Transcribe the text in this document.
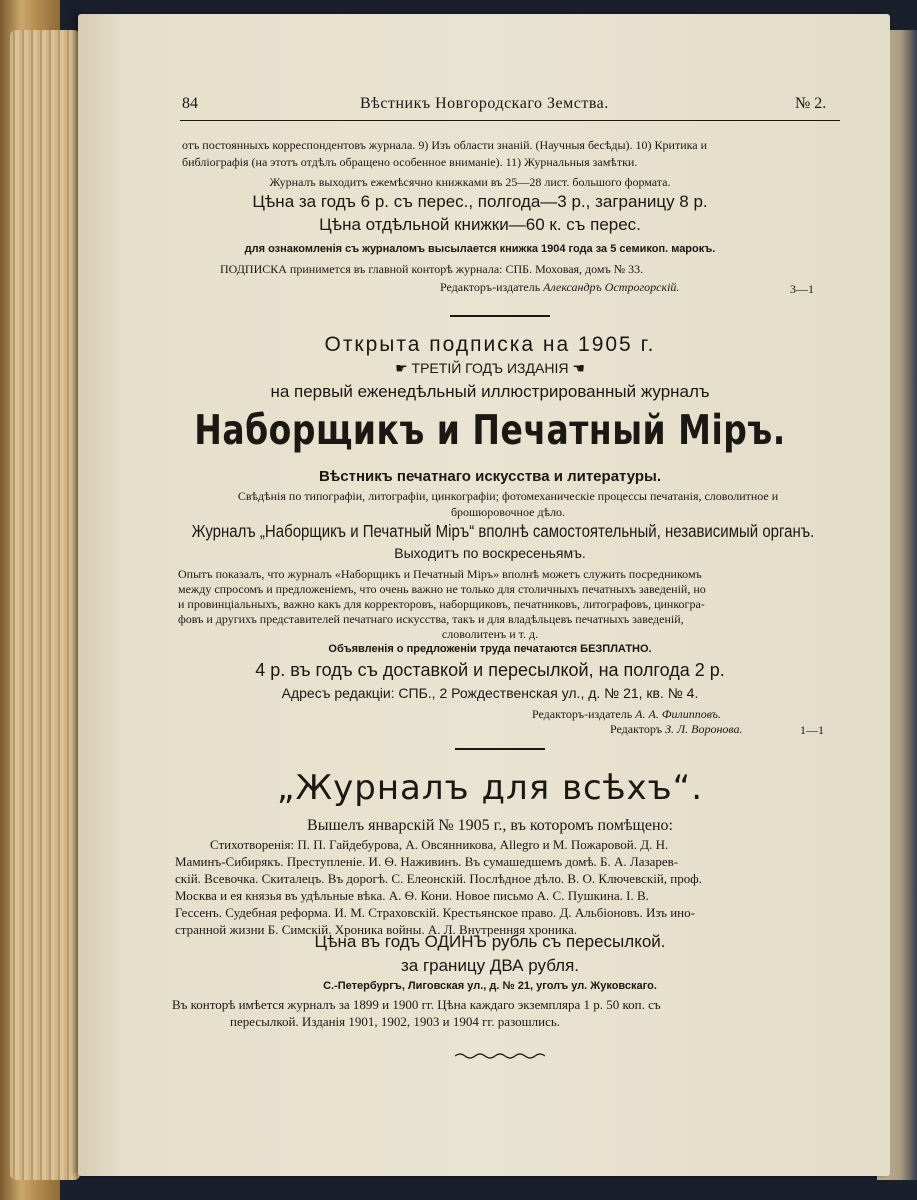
84	Вѣстникъ Новгородскаго Земства.	№ 2.
отъ постоянныхъ корреспондентовъ журнала. 9) Изъ области знаній. (Научныя бесѣды). 10) Критика и
библіографія (на этотъ отдѣлъ обращено особенное вниманіе). 11) Журнальныя замѣтки.
Журналъ выходитъ ежемѣсячно книжками въ 25—28 лист. большого формата.
Цѣна за годъ 6 р. съ перес., полгода—3 р., заграницу 8 р.
Цѣна отдѣльной книжки—60 к. съ перес.
для ознакомленія съ журналомъ высылается книжка 1904 года за 5 семикоп. марокъ.
ПОДПИСКА принимется въ главной конторѣ журнала: СПБ. Моховая, домъ № 33.
Редакторъ-издатель Александръ Острогорскій.	3—1
Открыта подписка на 1905 г.
☛ ТРЕТІЙ ГОДЪ ИЗДАНІЯ ☚
на первый еженедѣльный иллюстрированный журналъ
Наборщикъ и Печатный Міръ.
Вѣстникъ печатнаго искусства и литературы.
Свѣдѣнія по типографіи, литографіи, цинкографіи; фотомеханическіе процессы печатанія, словолитное и
брошюровочное дѣло.
Журналъ „Наборщикъ и Печатный Міръ“ вполнѣ самостоятельный, независимый органъ.
Выходитъ по воскресеньямъ.
Опытъ показалъ, что журналъ «Наборщикъ и Печатный Міръ» вполнѣ можетъ служить посредникомъ
между спросомъ и предложеніемъ, что очень важно не только для столичныхъ печатныхъ заведеній, но
и провинціальныхъ, важно какъ для корректоровъ, наборщиковъ, печатниковъ, литографовъ, цинкогра-
фовъ и другихъ представителей печатнаго искусства, такъ и для владѣльцевъ печатныхъ заведеній,
словолитенъ и т. д.
Объявленія о предложеніи труда печатаются БЕЗПЛАТНО.
4 р. въ годъ съ доставкой и пересылкой, на полгода 2 р.
Адресъ редакціи: СПБ., 2 Рождественская ул., д. № 21, кв. № 4.
Редакторъ-издатель А. А. Филипповъ.
Редакторъ З. Л. Воронова.	1—1
„Журналъ для всѣхъ“.
Вышелъ январскій № 1905 г., въ которомъ помѣщено:
Стихотворенія: П. П. Гайдебурова, А. Овсянникова, Allegro и М. Пожаровой. Д. Н.
Маминъ-Сибирякъ. Преступленіе. И. Ѳ. Наживинъ. Въ сумашедшемъ домѣ. Б. А. Лазарев-
скій. Всевочка. Скиталецъ. Въ дорогѣ. С. Елеонскій. Послѣдное дѣло. В. О. Ключевскій, проф.
Москва и ея князья въ удѣльные вѣка. А. Ѳ. Кони. Новое письмо А. С. Пушкина. І. В.
Гессенъ. Судебная реформа. И. М. Страховскій. Крестьянское право. Д. Альбіоновъ. Изъ ино-
странной жизни Б. Симскій. Хроника войны. А. Л. Внутренняя хроника.
Цѣна въ годъ ОДИНЪ рубль съ пересылкой.
за границу ДВА рубля.
С.-Петербургъ, Лиговская ул., д. № 21, уголъ ул. Жуковскаго.
Въ конторѣ имѣется журналъ за 1899 и 1900 гг. Цѣна каждаго экземпляра 1 р. 50 коп. съ
пересылкой. Изданія 1901, 1902, 1903 и 1904 гг. разошлись.
